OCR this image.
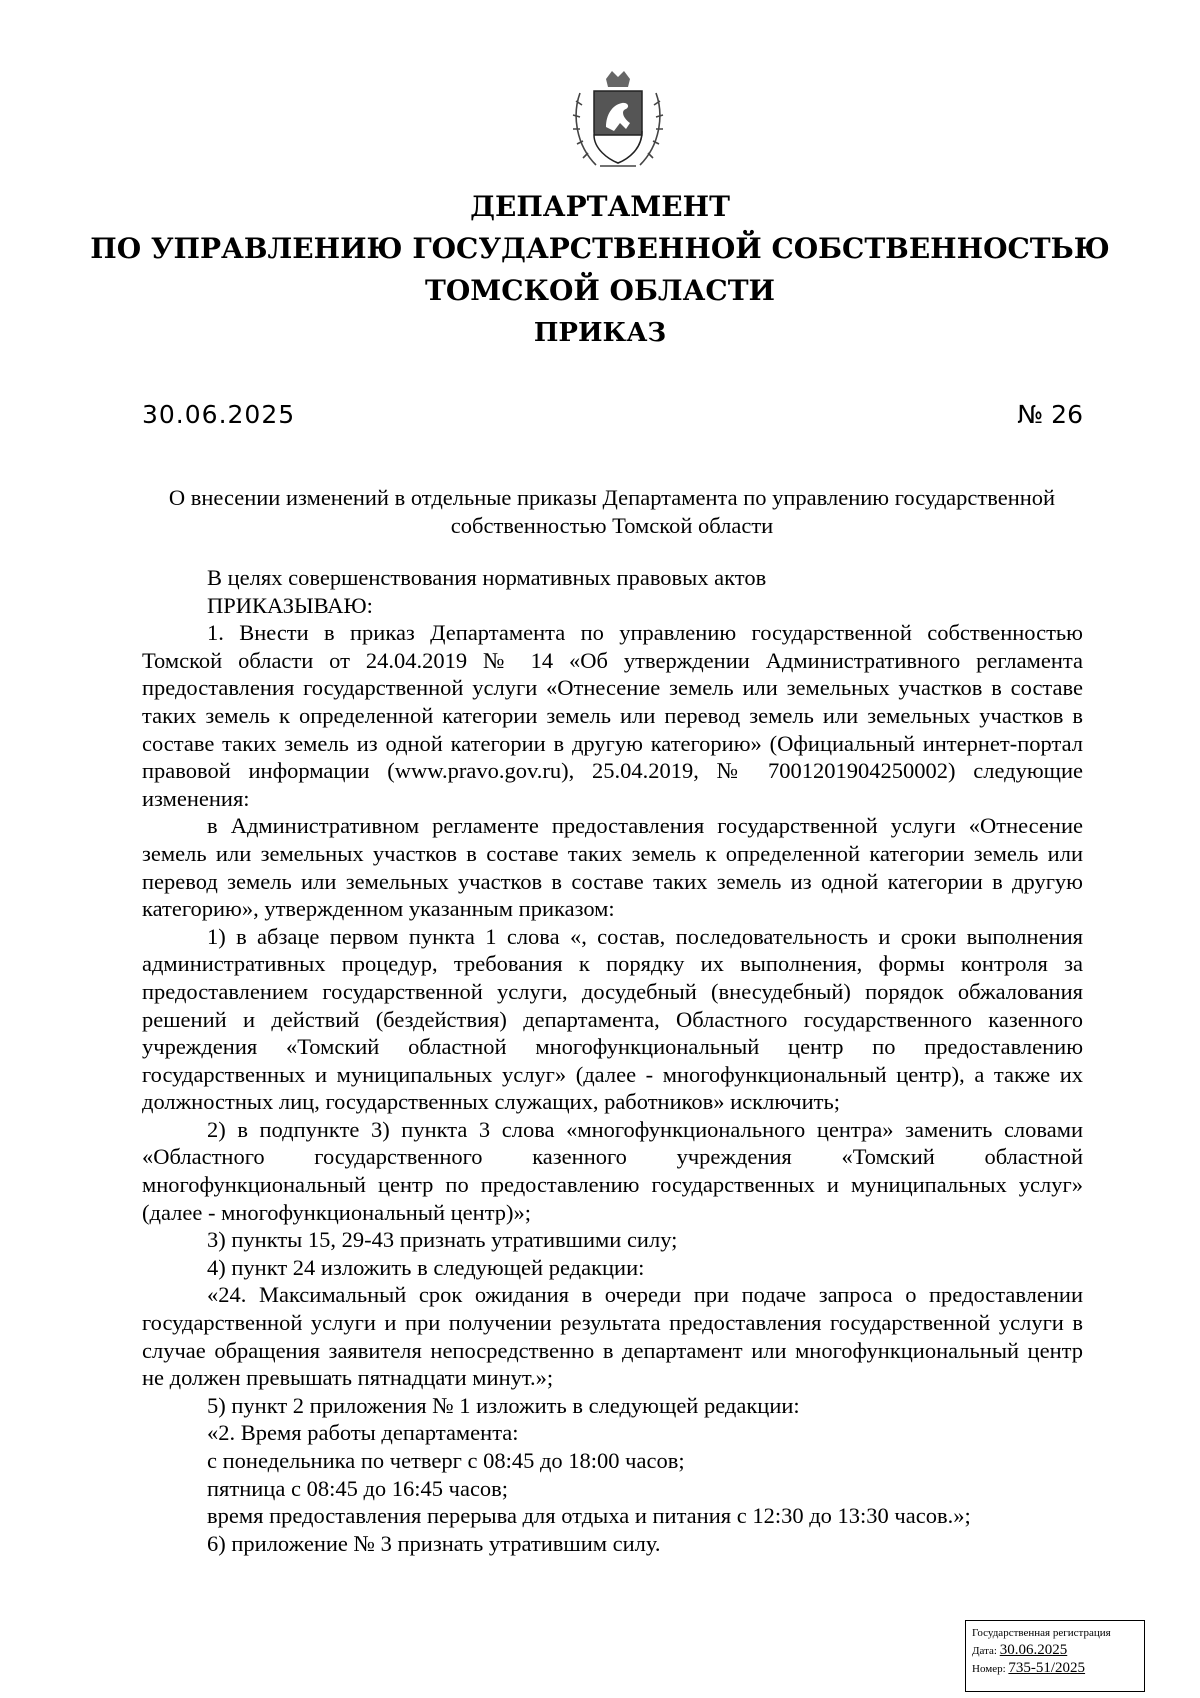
ДЕПАРТАМЕНТ
ПО УПРАВЛЕНИЮ ГОСУДАРСТВЕННОЙ СОБСТВЕННОСТЬЮ
ТОМСКОЙ ОБЛАСТИ
ПРИКАЗ
30.06.2025	№ 26
О внесении изменений в отдельные приказы Департамента по управлению государственной собственностью Томской области

В целях совершенствования нормативных правовых актов

ПРИКАЗЫВАЮ:

1. Внести в приказ Департамента по управлению государственной собственностью Томской области от 24.04.2019 № 14 «Об утверждении Административного регламента предоставления государственной услуги «Отнесение земель или земельных участков в составе таких земель к определенной категории земель или перевод земель или земельных участков в составе таких земель из одной категории в другую категорию» (Официальный интернет-портал правовой информации (www.pravo.gov.ru), 25.04.2019, № 7001201904250002) следующие изменения:

в Административном регламенте предоставления государственной услуги «Отнесение земель или земельных участков в составе таких земель к определенной категории земель или перевод земель или земельных участков в составе таких земель из одной категории в другую категорию», утвержденном указанным приказом:

1) в абзаце первом пункта 1 слова «, состав, последовательность и сроки выполнения административных процедур, требования к порядку их выполнения, формы контроля за предоставлением государственной услуги, досудебный (внесудебный) порядок обжалования решений и действий (бездействия) департамента, Областного государственного казенного учреждения «Томский областной многофункциональный центр по предоставлению государственных и муниципальных услуг» (далее - многофункциональный центр), а также их должностных лиц, государственных служащих, работников» исключить;

2) в подпункте 3) пункта 3 слова «многофункционального центра» заменить словами «Областного государственного казенного учреждения «Томский областной многофункциональный центр по предоставлению государственных и муниципальных услуг» (далее - многофункциональный центр)»;

3) пункты 15, 29-43 признать утратившими силу;

4) пункт 24 изложить в следующей редакции:

«24. Максимальный срок ожидания в очереди при подаче запроса о предоставлении государственной услуги и при получении результата предоставления государственной услуги в случае обращения заявителя непосредственно в департамент или многофункциональный центр не должен превышать пятнадцати минут.»;

5) пункт 2 приложения № 1 изложить в следующей редакции:

«2. Время работы департамента:

с понедельника по четверг с 08:45 до 18:00 часов;

пятница с 08:45 до 16:45 часов;

время предоставления перерыва для отдыха и питания с 12:30 до 13:30 часов.»;

6) приложение № 3 признать утратившим силу.

Государственная регистрация
Дата: 30.06.2025
Номер: 735-51/2025
